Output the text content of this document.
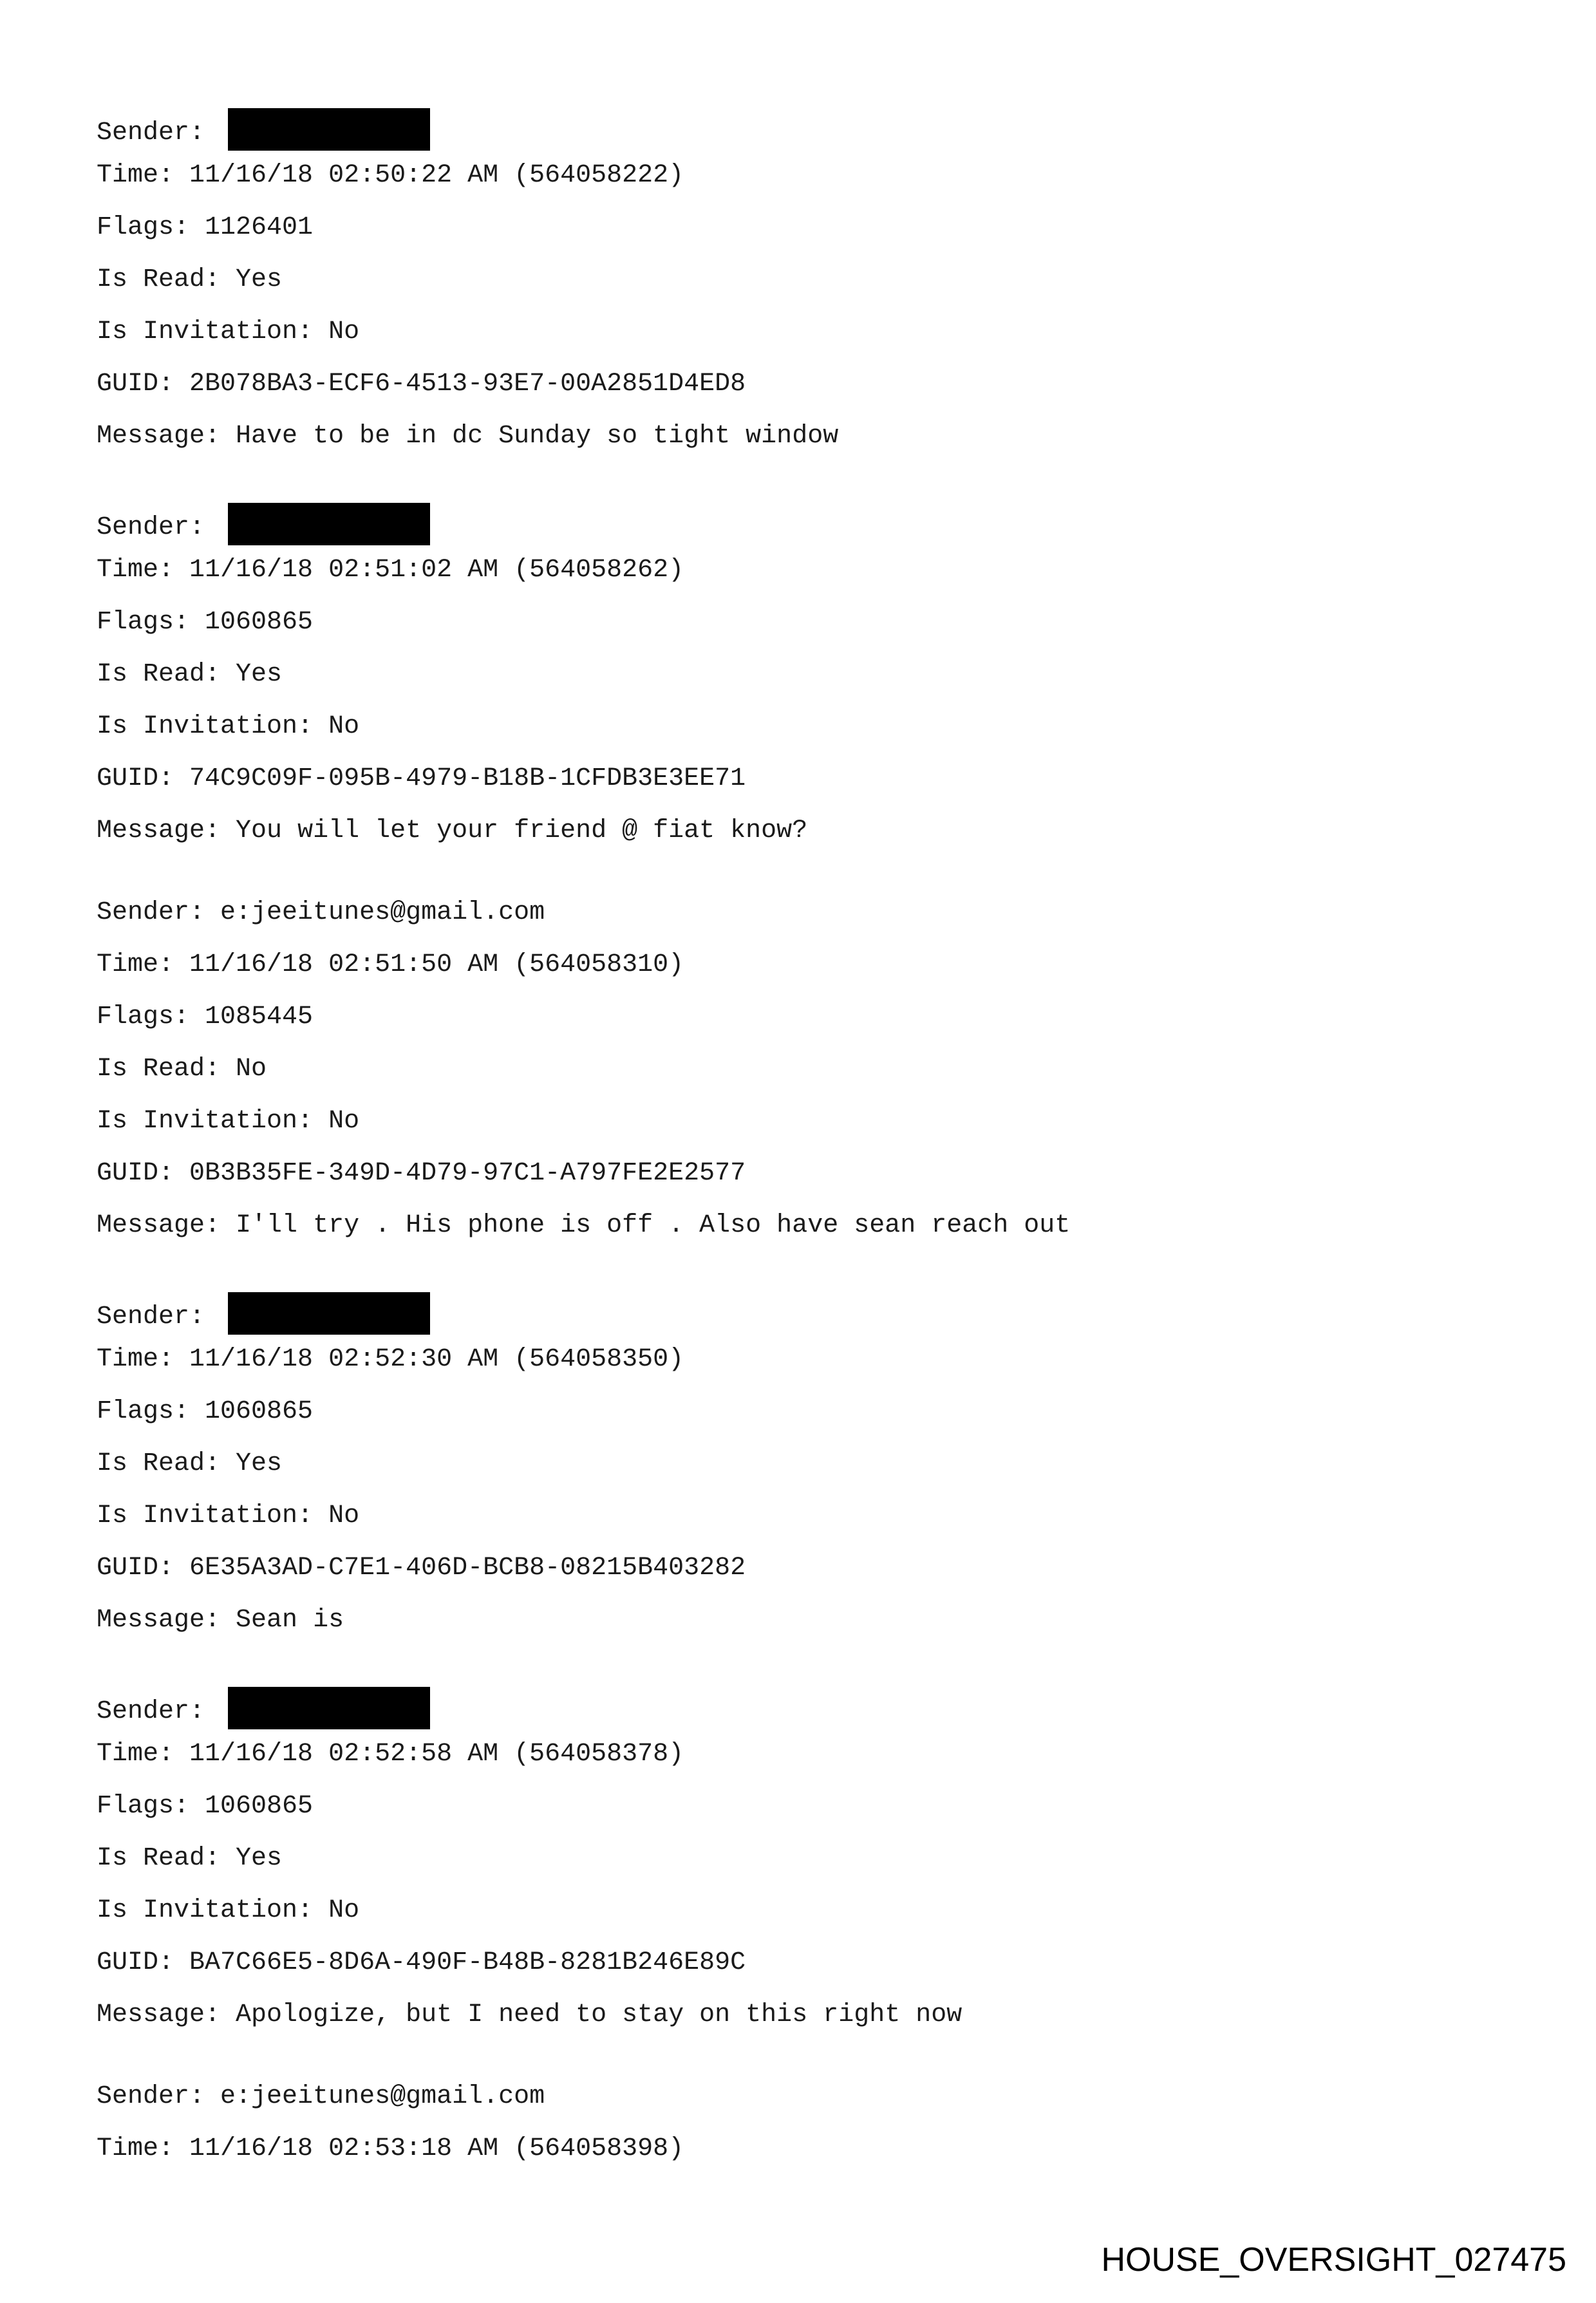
Sender:
Time: 11/16/18 02:50:22 AM (564058222)
Flags: 1126401
Is Read: Yes
Is Invitation: No
GUID: 2B078BA3-ECF6-4513-93E7-00A2851D4ED8
Message: Have to be in dc Sunday so tight window
Sender:
Time: 11/16/18 02:51:02 AM (564058262)
Flags: 1060865
Is Read: Yes
Is Invitation: No
GUID: 74C9C09F-095B-4979-B18B-1CFDB3E3EE71
Message: You will let your friend @ fiat know?
Sender: e:jeeitunes@gmail.com
Time: 11/16/18 02:51:50 AM (564058310)
Flags: 1085445
Is Read: No
Is Invitation: No
GUID: 0B3B35FE-349D-4D79-97C1-A797FE2E2577
Message: I'll try . His phone is off . Also have sean reach out
Sender:
Time: 11/16/18 02:52:30 AM (564058350)
Flags: 1060865
Is Read: Yes
Is Invitation: No
GUID: 6E35A3AD-C7E1-406D-BCB8-08215B403282
Message: Sean is
Sender:
Time: 11/16/18 02:52:58 AM (564058378)
Flags: 1060865
Is Read: Yes
Is Invitation: No
GUID: BA7C66E5-8D6A-490F-B48B-8281B246E89C
Message: Apologize, but I need to stay on this right now
Sender: e:jeeitunes@gmail.com
Time: 11/16/18 02:53:18 AM (564058398)
HOUSE_OVERSIGHT_027475
